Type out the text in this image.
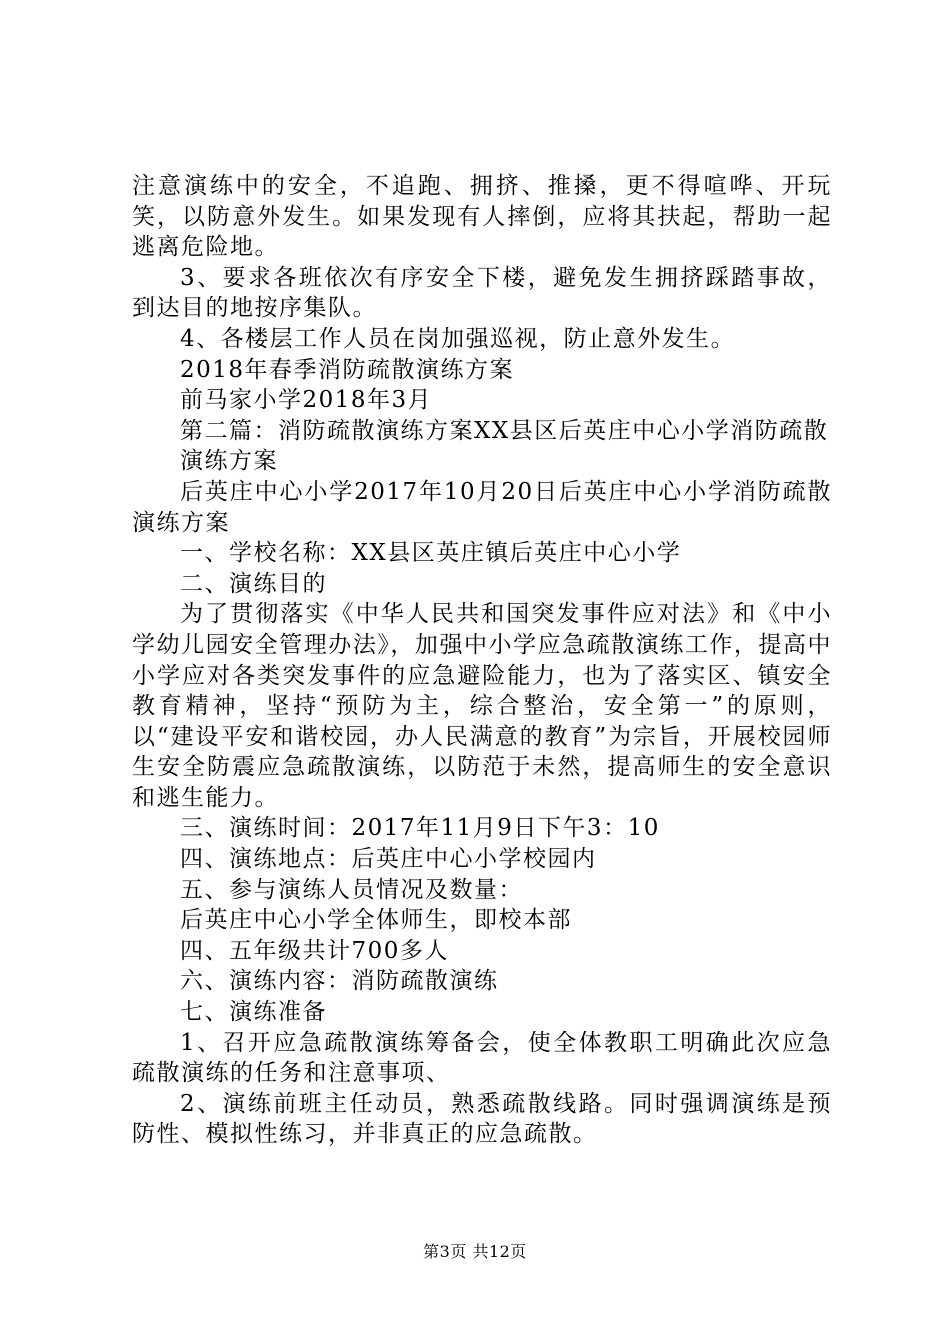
注意演练中的安全，不追跑、拥挤、推搡，更不得喧哗、开玩笑，以防意外发生。如果发现有人摔倒，应将其扶起，帮助一起逃离危险地。

3、要求各班依次有序安全下楼，避免发生拥挤踩踏事故，到达目的地按序集队。

4、各楼层工作人员在岗加强巡视，防止意外发生。

2018年春季消防疏散演练方案

前马家小学2018年3月

第二篇：消防疏散演练方案XX县区后英庄中心小学消防疏散

演练方案

后英庄中心小学2017年10月20日后英庄中心小学消防疏散演练方案

一、学校名称：XX县区英庄镇后英庄中心小学

二、演练目的

为了贯彻落实《中华人民共和国突发事件应对法》和《中小学幼儿园安全管理办法》，加强中小学应急疏散演练工作，提高中小学应对各类突发事件的应急避险能力，也为了落实区、镇安全教育精神，坚持“预防为主，综合整治，安全第一”的原则，以“建设平安和谐校园，办人民满意的教育”为宗旨，开展校园师生安全防震应急疏散演练，以防范于未然，提高师生的安全意识和逃生能力。

三、演练时间：2017年11月9日下午3：10

四、演练地点：后英庄中心小学校园内

五、参与演练人员情况及数量：

后英庄中心小学全体师生，即校本部

四、五年级共计700多人

六、演练内容：消防疏散演练

七、演练准备

1、召开应急疏散演练筹备会，使全体教职工明确此次应急疏散演练的任务和注意事项、

2、演练前班主任动员，熟悉疏散线路。同时强调演练是预防性、模拟性练习，并非真正的应急疏散。

第3页 共12页
